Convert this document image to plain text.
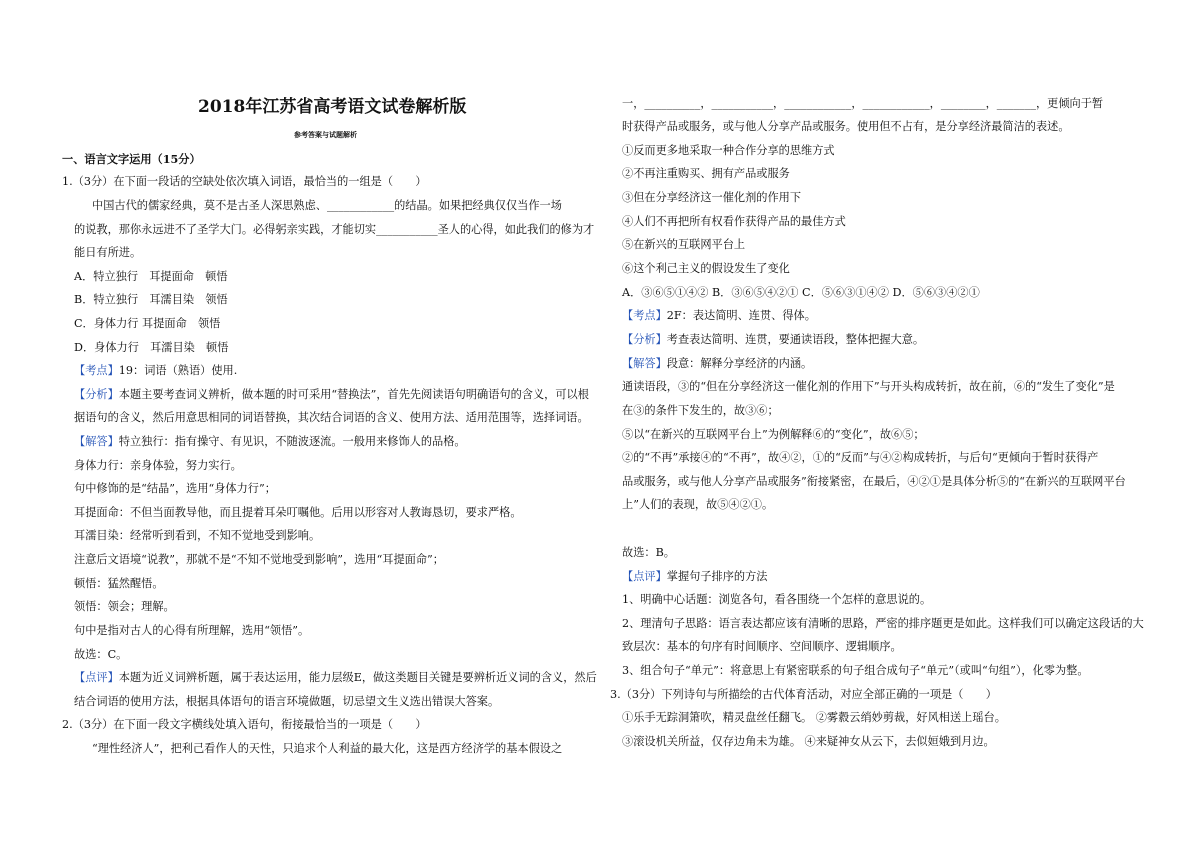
2018年江苏省高考语文试卷解析版
参考答案与试题解析
一、语言文字运用（15分）
1.（3分）在下面一段话的空缺处依次填入词语，最恰当的一组是（　　）
中国古代的儒家经典，莫不是古圣人深思熟虑、____________的结晶。如果把经典仅仅当作一场
的说教，那你永远进不了圣学大门。必得躬亲实践，才能切实___________圣人的心得，如此我们的修为才
能日有所进。
A．特立独行　耳提面命　顿悟
B．特立独行　耳濡目染　领悟
C．身体力行 耳提面命　领悟
D．身体力行　耳濡目染　顿悟
【考点】19：词语（熟语）使用.
【分析】本题主要考查词义辨析，做本题的时可采用“替换法”，首先先阅读语句明确语句的含义，可以根
据语句的含义，然后用意思相同的词语替换，其次结合词语的含义、使用方法、适用范围等，选择词语。
【解答】特立独行：指有操守、有见识，不随波逐流。一般用来修饰人的品格。
身体力行：亲身体验，努力实行。
句中修饰的是“结晶”，选用“身体力行”；
耳提面命：不但当面教导他，而且提着耳朵叮嘱他。后用以形容对人教诲恳切，要求严格。
耳濡目染：经常听到看到，不知不觉地受到影响。
注意后文语境“说教”，那就不是“不知不觉地受到影响”，选用“耳提面命”；
顿悟：猛然醒悟。
领悟：领会；理解。
句中是指对古人的心得有所理解，选用“领悟”。
故选：C。
【点评】本题为近义词辨析题，属于表达运用，能力层级E，做这类题目关键是要辨析近义词的含义，然后
结合词语的使用方法，根据具体语句的语言环境做题，切忌望文生义选出错误大答案。
2.（3分）在下面一段文字横线处填入语句，衔接最恰当的一项是（　　）
“理性经济人”，把利己看作人的天性，只追求个人利益的最大化，这是西方经济学的基本假设之
一，__________，___________，____________，____________，________，_______，更倾向于暂
时获得产品或服务，或与他人分享产品或服务。使用但不占有，是分享经济最简洁的表述。
①反而更多地采取一种合作分享的思维方式
②不再注重购买、拥有产品或服务
③但在分享经济这一催化剂的作用下
④人们不再把所有权看作获得产品的最佳方式
⑤在新兴的互联网平台上
⑥这个利己主义的假设发生了变化
A．③⑥⑤①④② B．③⑥⑤④②① C．⑤⑥③①④② D．⑤⑥③④②①
【考点】2F：表达简明、连贯、得体。
【分析】考查表达简明、连贯，要通读语段，整体把握大意。
【解答】段意：解释分享经济的内涵。
通读语段，③的“但在分享经济这一催化剂的作用下”与开头构成转折，故在前，⑥的“发生了变化”是
在③的条件下发生的，故③⑥；
⑤以“在新兴的互联网平台上”为例解释⑥的“变化”，故⑥⑤；
②的“不再”承接④的“不再”，故④②，①的“反而”与④②构成转折，与后句“更倾向于暂时获得产
品或服务，或与他人分享产品或服务”衔接紧密，在最后，④②①是具体分析⑤的“在新兴的互联网平台
上”人们的表现，故⑤④②①。
故选：B。
【点评】掌握句子排序的方法
1、明确中心话题：浏览各句，看各围绕一个怎样的意思说的。
2、理清句子思路：语言表达都应该有清晰的思路，严密的排序题更是如此。这样我们可以确定这段话的大
致层次：基本的句序有时间顺序、空间顺序、逻辑顺序。
3、组合句子“单元”：将意思上有紧密联系的句子组合成句子“单元”（或叫“句组”），化零为整。
3.（3分）下列诗句与所描绘的古代体育活动，对应全部正确的一项是（　　）
①乐手无踪洞箫吹，精灵盘丝任翻飞。 ②雾縠云绡妙剪裁，好风相送上瑶台。
③滚设机关所益，仅存边角未为雄。 ④来疑神女从云下，去似姮娥到月边。
